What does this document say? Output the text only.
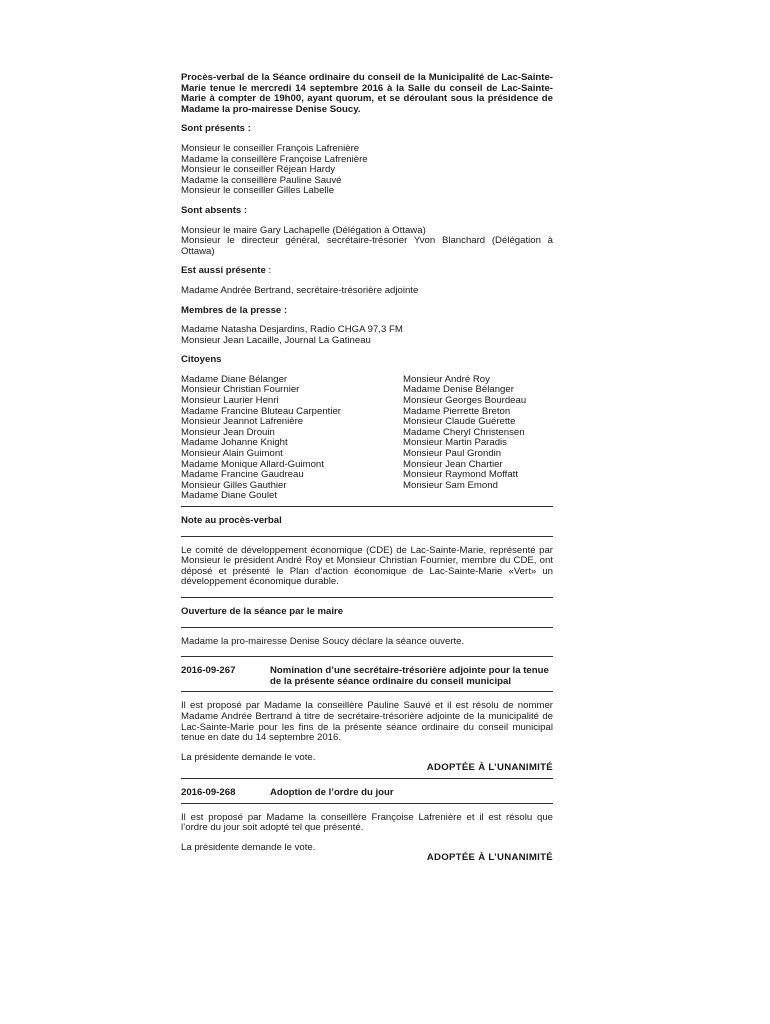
Procès-verbal de la Séance ordinaire du conseil de la Municipalité de Lac-Sainte-Marie tenue le mercredi 14 septembre 2016 à la Salle du conseil de Lac-Sainte-Marie à compter de 19h00, ayant quorum, et se déroulant sous la présidence de Madame la pro-mairesse Denise Soucy.

Sont présents :

Monsieur le conseiller François Lafrenière
Madame la conseillère Françoise Lafrenière
Monsieur le conseiller Réjean Hardy
Madame la conseillère Pauline Sauvé
Monsieur le conseiller Gilles Labelle

Sont absents :

Monsieur le maire Gary Lachapelle (Délégation à Ottawa)
Monsieur le directeur général, secrétaire-trésorier Yvon Blanchard (Délégation à Ottawa)

Est aussi présente :

Madame Andrée Bertrand, secrétaire-trésorière adjointe

Membres de la presse :

Madame Natasha Desjardins, Radio CHGA 97,3 FM
Monsieur Jean Lacaille, Journal La Gatineau

Citoyens

Madame Diane Bélanger
Monsieur Christian Fournier
Monsieur Laurier Henri
Madame Francine Bluteau Carpentier
Monsieur Jeannot Lafrenière
Monsieur Jean Drouin
Madame Johanne Knight
Monsieur Alain Guimont
Madame Monique Allard-Guimont
Madame Francine Gaudreau
Monsieur Gilles Gauthier
Madame Diane Goulet
Monsieur André Roy
Madame Denise Bélanger
Monsieur Georges Bourdeau
Madame Pierrette Breton
Monsieur Claude Guérette
Madame Cheryl Christensen
Monsieur Martin Paradis
Monsieur Paul Grondin
Monsieur Jean Chartier
Monsieur Raymond Moffatt
Monsieur Sam Emond

Note au procès-verbal

Le comité de développement économique (CDE) de Lac-Sainte-Marie, représenté par Monsieur le président André Roy et Monsieur Christian Fournier, membre du CDE, ont déposé et présenté le Plan d’action économique de Lac-Sainte-Marie «Vert» un développement économique durable.

Ouverture de la séance par le maire

Madame la pro-mairesse Denise Soucy déclare la séance ouverte.

2016-09-267	Nomination d’une secrétaire-trésorière adjointe pour la tenue de la présente séance ordinaire du conseil municipal

Il est proposé par Madame la conseillère Pauline Sauvé et il est résolu de nommer Madame Andrée Bertrand à titre de secrétaire-trésorière adjointe de la municipalité de Lac-Sainte-Marie pour les fins de la présente séance ordinaire du conseil municipal tenue en date du 14 septembre 2016.

La présidente demande le vote.
ADOPTÉE À L’UNANIMITÉ
2016-09-268	Adoption de l’ordre du jour

Il est proposé par Madame la conseillère Françoise Lafrenière et il est résolu que l’ordre du jour soit adopté tel que présenté.

La présidente demande le vote.
ADOPTÉE À L’UNANIMITÉ
